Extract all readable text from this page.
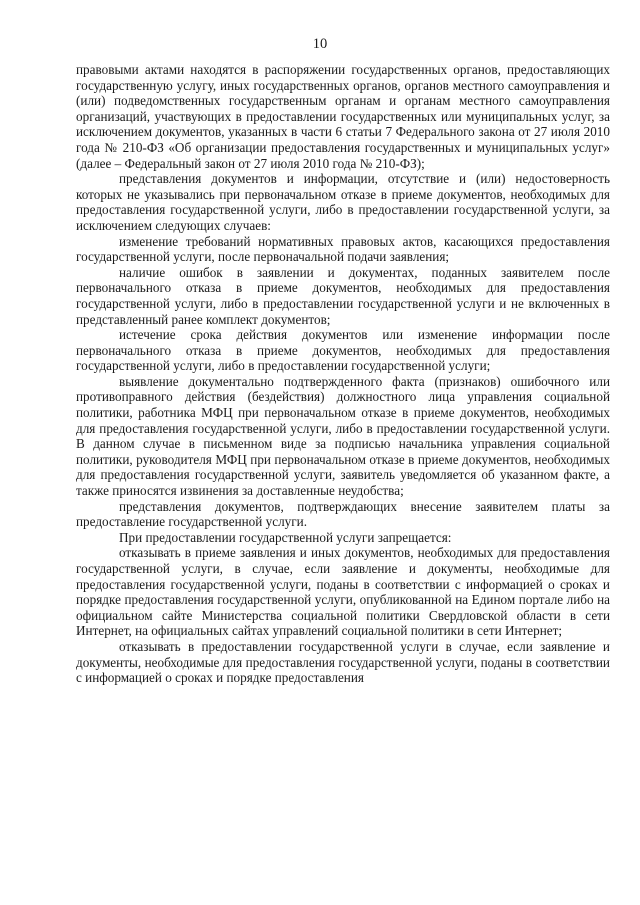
10

правовыми актами находятся в распоряжении государственных органов, предоставляющих государственную услугу, иных государственных органов, органов местного самоуправления и (или) подведомственных государственным органам и органам местного самоуправления организаций, участвующих в предоставлении государственных или муниципальных услуг, за исключением документов, указанных в части 6 статьи 7 Федерального закона от 27 июля 2010 года № 210-ФЗ «Об организации предоставления государственных и муниципальных услуг» (далее – Федеральный закон от 27 июля 2010 года № 210-ФЗ);

представления документов и информации, отсутствие и (или) недостоверность которых не указывались при первоначальном отказе в приеме документов, необходимых для предоставления государственной услуги, либо в предоставлении государственной услуги, за исключением следующих случаев:

изменение требований нормативных правовых актов, касающихся предоставления государственной услуги, после первоначальной подачи заявления;

наличие ошибок в заявлении и документах, поданных заявителем после первоначального отказа в приеме документов, необходимых для предоставления государственной услуги, либо в предоставлении государственной услуги и не включенных в представленный ранее комплект документов;

истечение срока действия документов или изменение информации после первоначального отказа в приеме документов, необходимых для предоставления государственной услуги, либо в предоставлении государственной услуги;

выявление документально подтвержденного факта (признаков) ошибочного или противоправного действия (бездействия) должностного лица управления социальной политики, работника МФЦ при первоначальном отказе в приеме документов, необходимых для предоставления государственной услуги, либо в предоставлении государственной услуги. В данном случае в письменном виде за подписью начальника управления социальной политики, руководителя МФЦ при первоначальном отказе в приеме документов, необходимых для предоставления государственной услуги, заявитель уведомляется об указанном факте, а также приносятся извинения за доставленные неудобства;

представления документов, подтверждающих внесение заявителем платы за предоставление государственной услуги.

При предоставлении государственной услуги запрещается:

отказывать в приеме заявления и иных документов, необходимых для предоставления государственной услуги, в случае, если заявление и документы, необходимые для предоставления государственной услуги, поданы в соответствии с информацией о сроках и порядке предоставления государственной услуги, опубликованной на Едином портале либо на официальном сайте Министерства социальной политики Свердловской области в сети Интернет, на официальных сайтах управлений социальной политики в сети Интернет;

отказывать в предоставлении государственной услуги в случае, если заявление и документы, необходимые для предоставления государственной услуги, поданы в соответствии с информацией о сроках и порядке предоставления
